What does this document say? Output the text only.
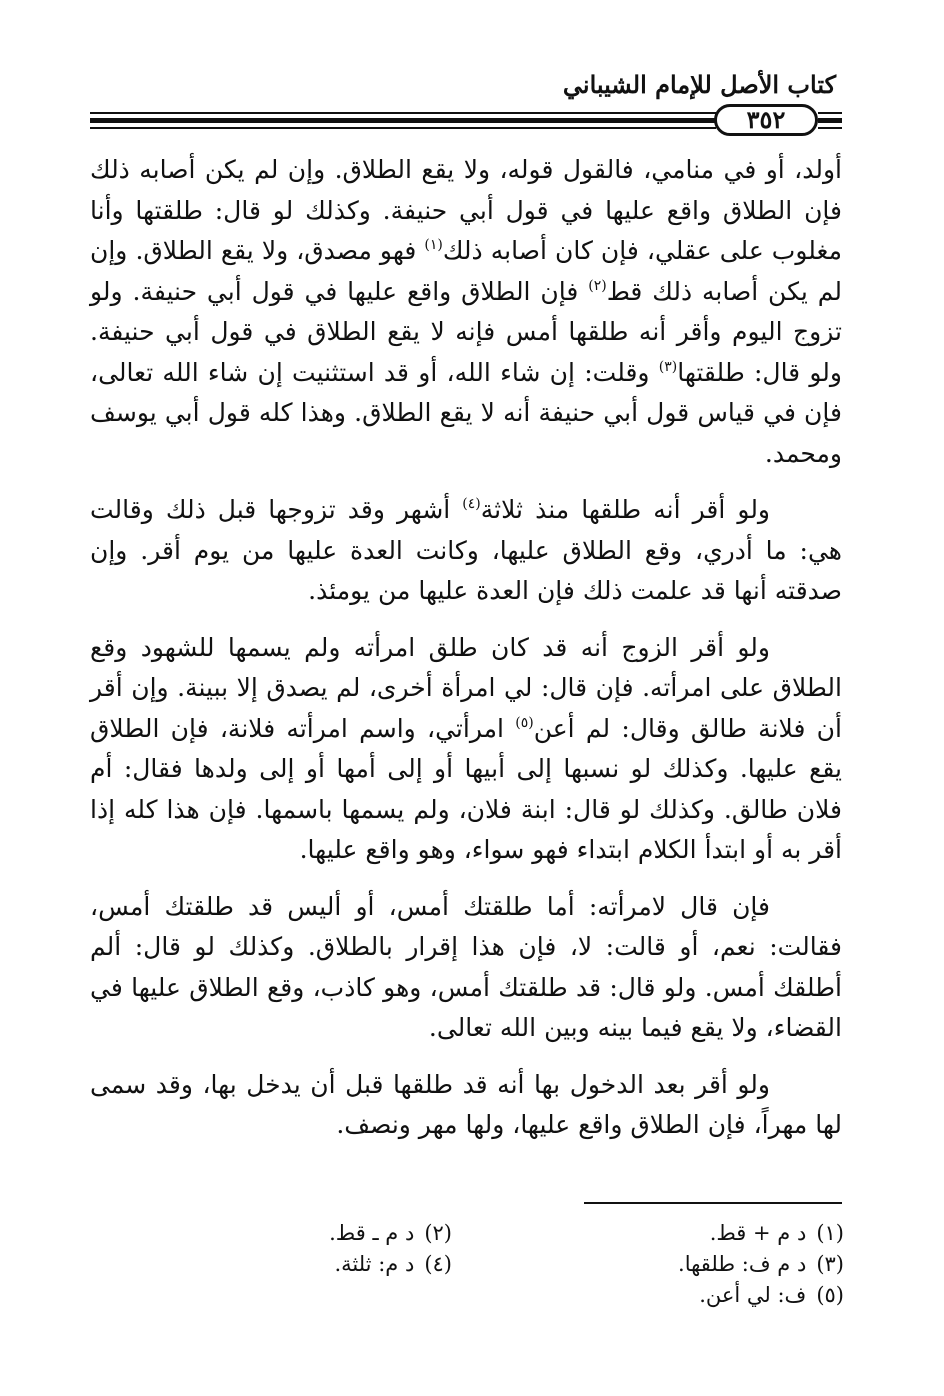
كتاب الأصل للإمام الشيباني
٣٥٢

أولد، أو في منامي، فالقول قوله، ولا يقع الطلاق. وإن لم يكن أصابه ذلك فإن الطلاق واقع عليها في قول أبي حنيفة. وكذلك لو قال: طلقتها وأنا مغلوب على عقلي، فإن كان أصابه ذلك$^{(١)}$ فهو مصدق، ولا يقع الطلاق. وإن لم يكن أصابه ذلك قط$^{(٢)}$ فإن الطلاق واقع عليها في قول أبي حنيفة. ولو تزوج اليوم وأقر أنه طلقها أمس فإنه لا يقع الطلاق في قول أبي حنيفة. ولو قال: طلقتها$^{(٣)}$ وقلت: إن شاء الله، أو قد استثنيت إن شاء الله تعالى، فإن في قياس قول أبي حنيفة أنه لا يقع الطلاق. وهذا كله قول أبي يوسف ومحمد.

ولو أقر أنه طلقها منذ ثلاثة$^{(٤)}$ أشهر وقد تزوجها قبل ذلك وقالت هي: ما أدري، وقع الطلاق عليها، وكانت العدة عليها من يوم أقر. وإن صدقته أنها قد علمت ذلك فإن العدة عليها من يومئذ.

ولو أقر الزوج أنه قد كان طلق امرأته ولم يسمها للشهود وقع الطلاق على امرأته. فإن قال: لي امرأة أخرى، لم يصدق إلا ببينة. وإن أقر أن فلانة طالق وقال: لم أعن$^{(٥)}$ امرأتي، واسم امرأته فلانة، فإن الطلاق يقع عليها. وكذلك لو نسبها إلى أبيها أو إلى أمها أو إلى ولدها فقال: أم فلان طالق. وكذلك لو قال: ابنة فلان، ولم يسمها باسمها. فإن هذا كله إذا أقر به أو ابتدأ الكلام ابتداء فهو سواء، وهو واقع عليها.

فإن قال لامرأته: أما طلقتك أمس، أو أليس قد طلقتك أمس، فقالت: نعم، أو قالت: لا، فإن هذا إقرار بالطلاق. وكذلك لو قال: ألم أطلقك أمس. ولو قال: قد طلقتك أمس، وهو كاذب، وقع الطلاق عليها في القضاء، ولا يقع فيما بينه وبين الله تعالى.

ولو أقر بعد الدخول بها أنه قد طلقها قبل أن يدخل بها، وقد سمى لها مهراً، فإن الطلاق واقع عليها، ولها مهر ونصف.

(١)د م + قط.
(٣)د م ف: طلقها.
(٥)ف: لي أعن.
(٢)د م ـ قط.
(٤)د م: ثلثة.
